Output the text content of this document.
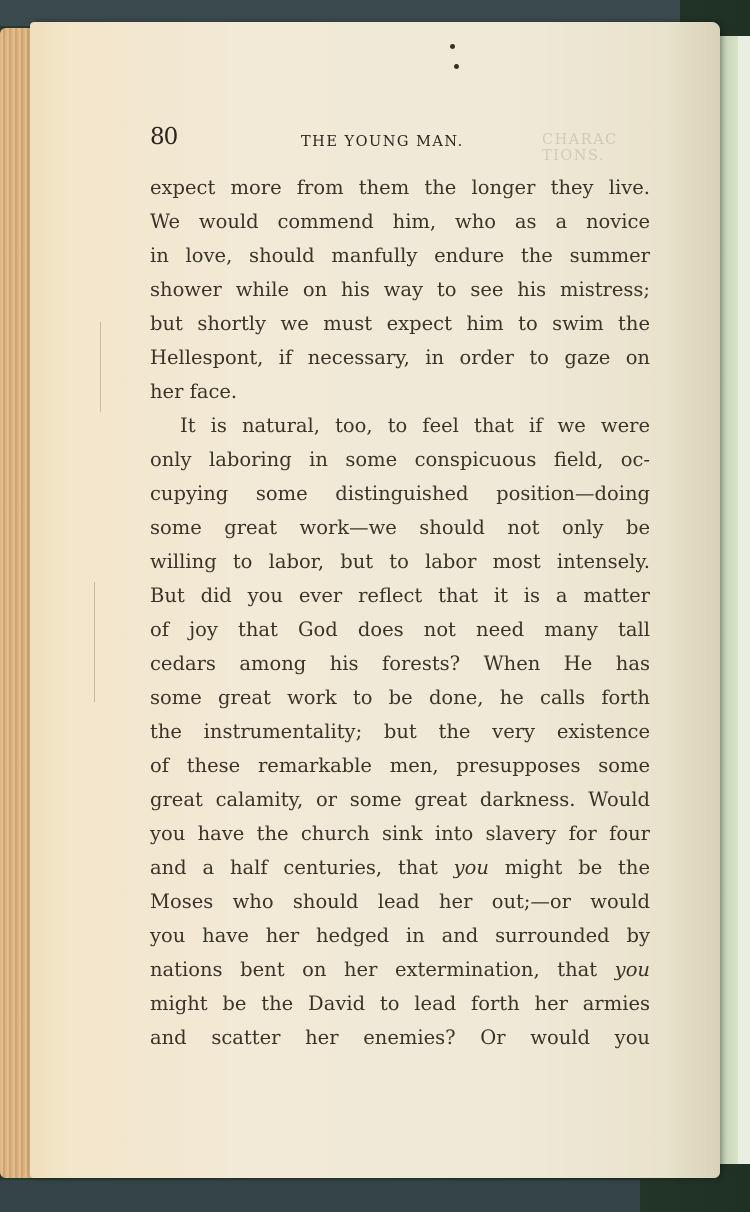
80	THE YOUNG MAN.	CHARAC TIONS.
expect more from them the longer they live.
We would commend him, who as a novice
in love, should manfully endure the summer
shower while on his way to see his mistress;
but shortly we must expect him to swim the
Hellespont, if necessary, in order to gaze on
her face.
It is natural, too, to feel that if we were
only laboring in some conspicuous field, oc-
cupying some distinguished position—doing
some great work—we should not only be
willing to labor, but to labor most intensely.
But did you ever reflect that it is a matter
of joy that God does not need many tall
cedars among his forests? When He has
some great work to be done, he calls forth
the instrumentality; but the very existence
of these remarkable men, presupposes some
great calamity, or some great darkness. Would
you have the church sink into slavery for four
and a half centuries, that you might be the
Moses who should lead her out;—or would
you have her hedged in and surrounded by
nations bent on her extermination, that you
might be the David to lead forth her armies
and scatter her enemies? Or would you
